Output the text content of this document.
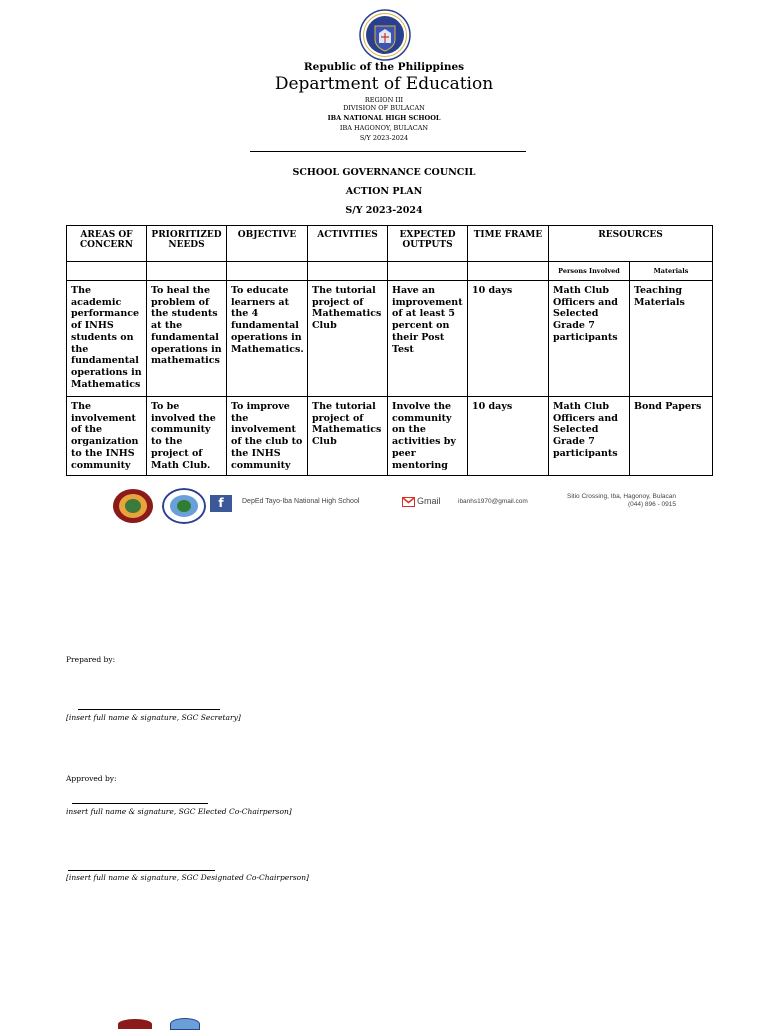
Republic of the Philippines
Department of Education
REGION III
DIVISION OF BULACAN
IBA NATIONAL HIGH SCHOOL
IBA HAGONOY, BULACAN
S/Y 2023-2024
SCHOOL GOVERNANCE COUNCIL
ACTION PLAN
S/Y 2023-2024
AREAS OF CONCERN	PRIORITIZED NEEDS	OBJECTIVE	ACTIVITIES	EXPECTED OUTPUTS	TIME FRAME	RESOURCES	
						Persons Involved	Materials
The academic performance of INHS students on the fundamental operations in Mathematics	To heal the problem of the students at the fundamental operations in mathematics	To educate learners at the 4 fundamental operations in Mathematics.	The tutorial project of Mathematics Club	Have an improvement of at least 5 percent on their Post Test	10 days	Math Club Officers and Selected Grade 7 participants	Teaching Materials
The involvement of the organization to the INHS community	To be involved the community to the project of Math Club.	To improve the involvement of the club to the INHS community	The tutorial project of Mathematics Club	Involve the community on the activities by peer mentoring	10 days	Math Club Officers and Selected Grade 7 participants	Bond Papers
f	DepEd Tayo-Iba National High School	Gmail	ibanhs1970@gmail.com
Sitio Crossing, Iba, Hagonoy, Bulacan
(044) 896 - 0915
Prepared by:
[insert full name & signature, SGC Secretary]
Approved by:
insert full name & signature, SGC Elected Co-Chairperson]
[insert full name & signature, SGC Designated Co-Chairperson]
